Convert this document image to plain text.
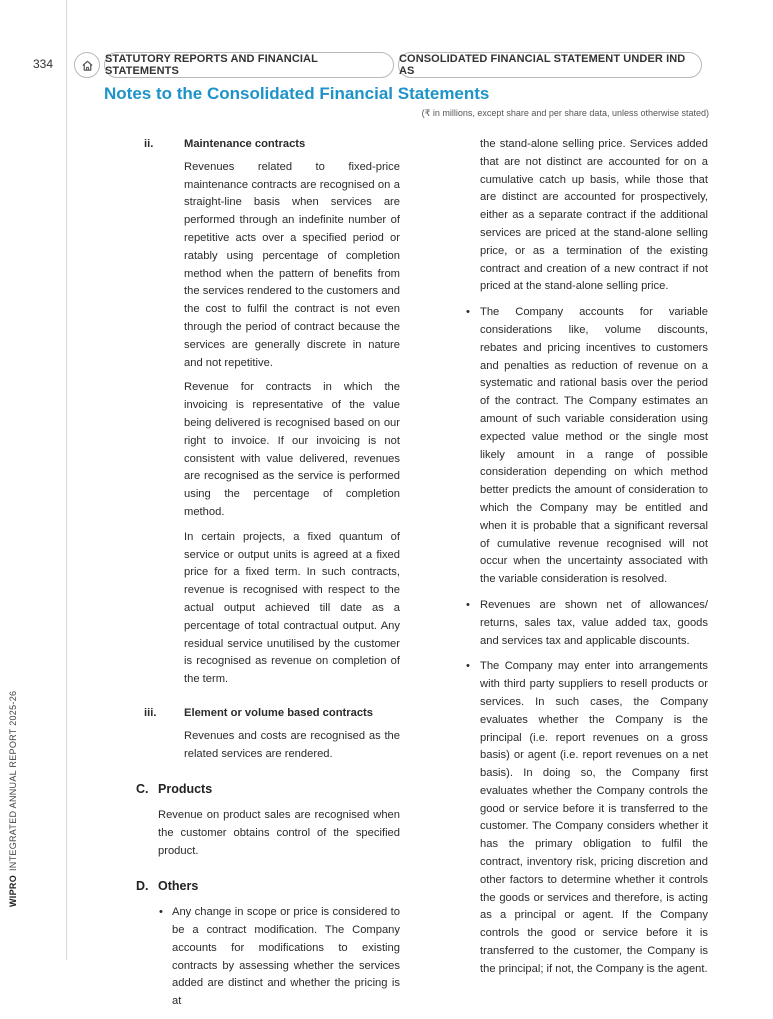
334	STATUTORY REPORTS AND FINANCIAL STATEMENTS
CONSOLIDATED FINANCIAL STATEMENT UNDER IND AS
Notes to the Consolidated Financial Statements
(₹ in millions, except share and per share data, unless otherwise stated)
WIPROINTEGRATED ANNUAL REPORT 2025-26
ii.	Maintenance contracts

Revenues related to fixed-price maintenance contracts are recognised on a straight-line basis when services are performed through an indefinite number of repetitive acts over a specified period or ratably using percentage of completion method when the pattern of benefits from the services rendered to the customers and the cost to fulfil the contract is not even through the period of contract because the services are generally discrete in nature and not repetitive.

Revenue for contracts in which the invoicing is representative of the value being delivered is recognised based on our right to invoice. If our invoicing is not consistent with value delivered, revenues are recognised as the service is performed using the percentage of completion method.

In certain projects, a fixed quantum of service or output units is agreed at a fixed price for a fixed term. In such contracts, revenue is recognised with respect to the actual output achieved till date as a percentage of total contractual output. Any residual service unutilised by the customer is recognised as revenue on completion of the term.

iii. Element or volume based contracts

Revenues and costs are recognised as the related services are rendered.

C. Products

Revenue on product sales are recognised when the customer obtains control of the specified product.

D. Others
• Any change in scope or price is considered to be a contract modification. The Company accounts for modifications to existing contracts by assessing whether the services added are distinct and whether the pricing is at

the stand-alone selling price. Services added that are not distinct are accounted for on a cumulative catch up basis, while those that are distinct are accounted for prospectively, either as a separate contract if the additional services are priced at the stand-alone selling price, or as a termination of the existing contract and creation of a new contract if not priced at the stand-alone selling price.

• The Company accounts for variable considerations like, volume discounts, rebates and pricing incentives to customers and penalties as reduction of revenue on a systematic and rational basis over the period of the contract. The Company estimates an amount of such variable consideration using expected value method or the single most likely amount in a range of possible consideration depending on which method better predicts the amount of consideration to which the Company may be entitled and when it is probable that a significant reversal of cumulative revenue recognised will not occur when the uncertainty associated with the variable consideration is resolved.
• Revenues are shown net of allowances/ returns, sales tax, value added tax, goods and services tax and applicable discounts.
• The Company may enter into arrangements with third party suppliers to resell products or services. In such cases, the Company evaluates whether the Company is the principal (i.e. report revenues on a gross basis) or agent (i.e. report revenues on a net basis). In doing so, the Company first evaluates whether the Company controls the good or service before it is transferred to the customer. The Company considers whether it has the primary obligation to fulfil the contract, inventory risk, pricing discretion and other factors to determine whether it controls the goods or services and therefore, is acting as a principal or agent. If the Company controls the good or service before it is transferred to the customer, the Company is the principal; if not, the Company is the agent.
